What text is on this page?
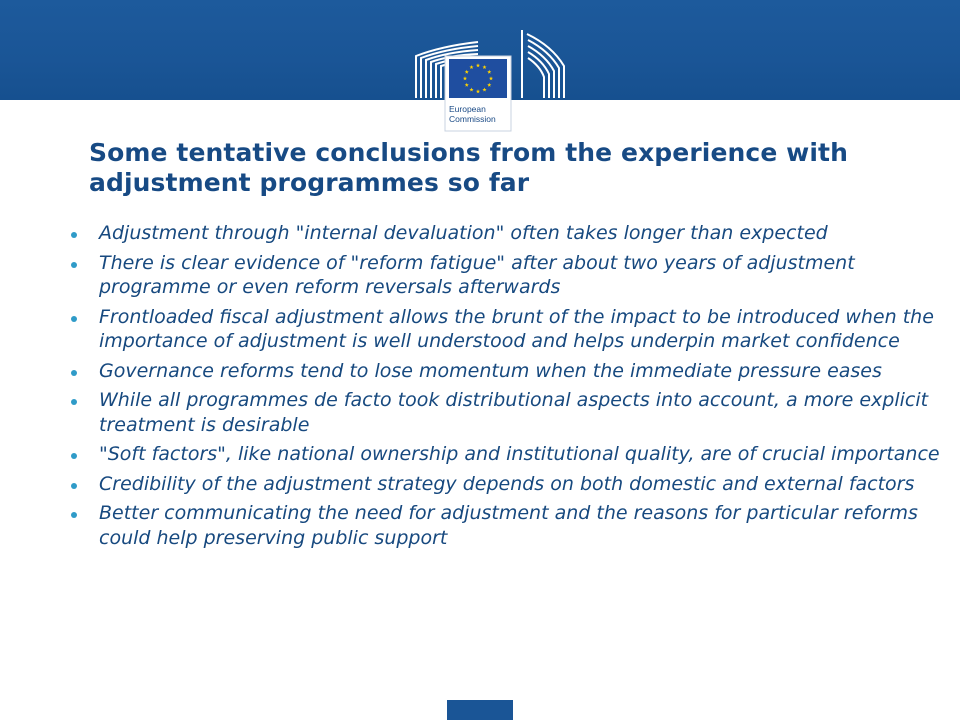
European
Commission
Some tentative conclusions from the experience with adjustment programmes so far
Adjustment through "internal devaluation" often takes longer than expected
There is clear evidence of "reform fatigue" after about two years of adjustment programme or even reform reversals afterwards
Frontloaded fiscal adjustment allows the brunt of the impact to be introduced when the importance of adjustment is well understood and helps underpin market confidence
Governance reforms tend to lose momentum when the immediate pressure eases
While all programmes de facto took distributional aspects into account, a more explicit treatment is desirable
"Soft factors", like national ownership and institutional quality, are of crucial importance
Credibility of the adjustment strategy depends on both domestic and external factors
Better communicating the need for adjustment and the reasons for particular reforms could help preserving public support
